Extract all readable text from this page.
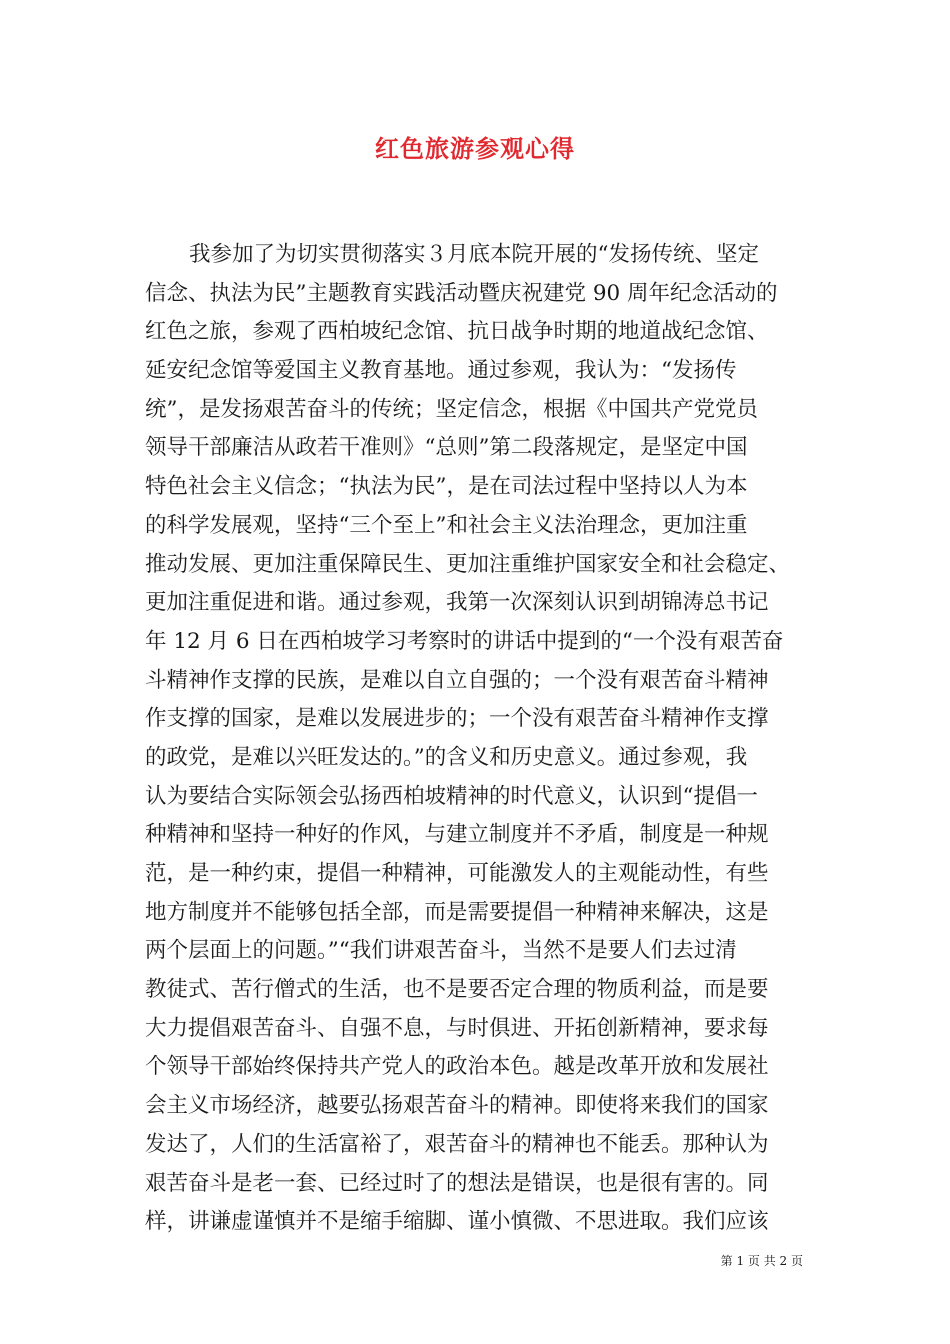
红色旅游参观心得
我参加了为切实贯彻落实３月底本院开展的“发扬传统、坚定
信念、执法为民”主题教育实践活动暨庆祝建党 90 周年纪念活动的
红色之旅，参观了西柏坡纪念馆、抗日战争时期的地道战纪念馆、
延安纪念馆等爱国主义教育基地。通过参观，我认为：“发扬传
统”，是发扬艰苦奋斗的传统；坚定信念，根据《中国共产党党员
领导干部廉洁从政若干准则》“总则”第二段落规定，是坚定中国
特色社会主义信念；“执法为民”，是在司法过程中坚持以人为本
的科学发展观，坚持“三个至上”和社会主义法治理念，更加注重
推动发展、更加注重保障民生、更加注重维护国家安全和社会稳定、
更加注重促进和谐。通过参观，我第一次深刻认识到胡锦涛总书记
年 12 月 6 日在西柏坡学习考察时的讲话中提到的“一个没有艰苦奋
斗精神作支撑的民族，是难以自立自强的；一个没有艰苦奋斗精神
作支撑的国家，是难以发展进步的；一个没有艰苦奋斗精神作支撑
的政党，是难以兴旺发达的。”的含义和历史意义。通过参观，我
认为要结合实际领会弘扬西柏坡精神的时代意义，认识到“提倡一
种精神和坚持一种好的作风，与建立制度并不矛盾，制度是一种规
范，是一种约束，提倡一种精神，可能激发人的主观能动性，有些
地方制度并不能够包括全部，而是需要提倡一种精神来解决，这是
两个层面上的问题。”“我们讲艰苦奋斗，当然不是要人们去过清
教徒式、苦行僧式的生活，也不是要否定合理的物质利益，而是要
大力提倡艰苦奋斗、自强不息，与时俱进、开拓创新精神，要求每
个领导干部始终保持共产党人的政治本色。越是改革开放和发展社
会主义市场经济，越要弘扬艰苦奋斗的精神。即使将来我们的国家
发达了，人们的生活富裕了，艰苦奋斗的精神也不能丢。那种认为
艰苦奋斗是老一套、已经过时了的想法是错误，也是很有害的。同
样，讲谦虚谨慎并不是缩手缩脚、谨小慎微、不思进取。我们应该
第 1 页 共 2 页
